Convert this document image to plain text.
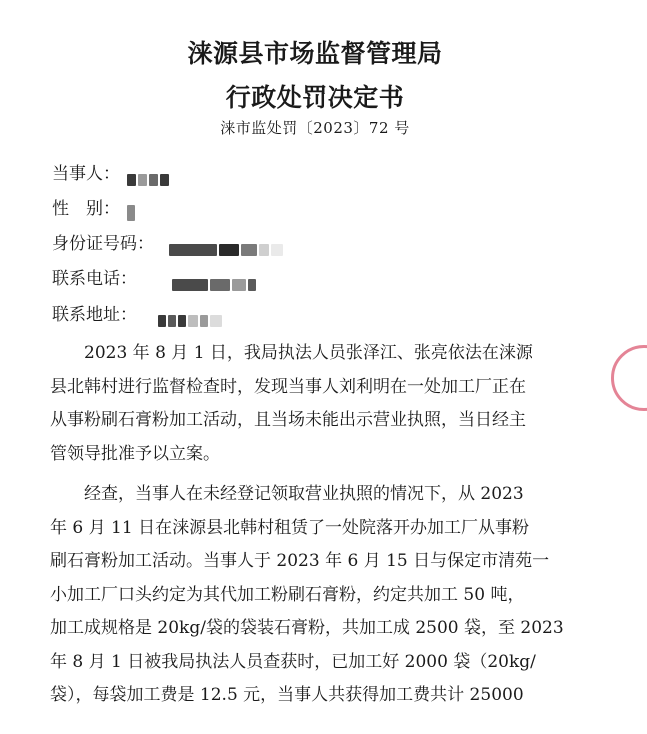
涞源县市场监督管理局
行政处罚决定书
涞市监处罚〔2023〕72 号
当事人：
性　别：
身份证号码：
联系电话：
联系地址：
　　2023 年 8 月 1 日，我局执法人员张泽江、张亮依法在涞源
县北韩村进行监督检查时，发现当事人刘利明在一处加工厂正在
从事粉刷石膏粉加工活动，且当场未能出示营业执照，当日经主
管领导批准予以立案。
　　经查，当事人在未经登记领取营业执照的情况下，从 2023
年 6 月 11 日在涞源县北韩村租赁了一处院落开办加工厂从事粉
刷石膏粉加工活动。当事人于 2023 年 6 月 15 日与保定市清苑一
小加工厂口头约定为其代加工粉刷石膏粉，约定共加工 50 吨，
加工成规格是 20kg/袋的袋装石膏粉，共加工成 2500 袋，至 2023
年 8 月 1 日被我局执法人员查获时，已加工好 2000 袋（20kg/
袋），每袋加工费是 12.5 元，当事人共获得加工费共计 25000
